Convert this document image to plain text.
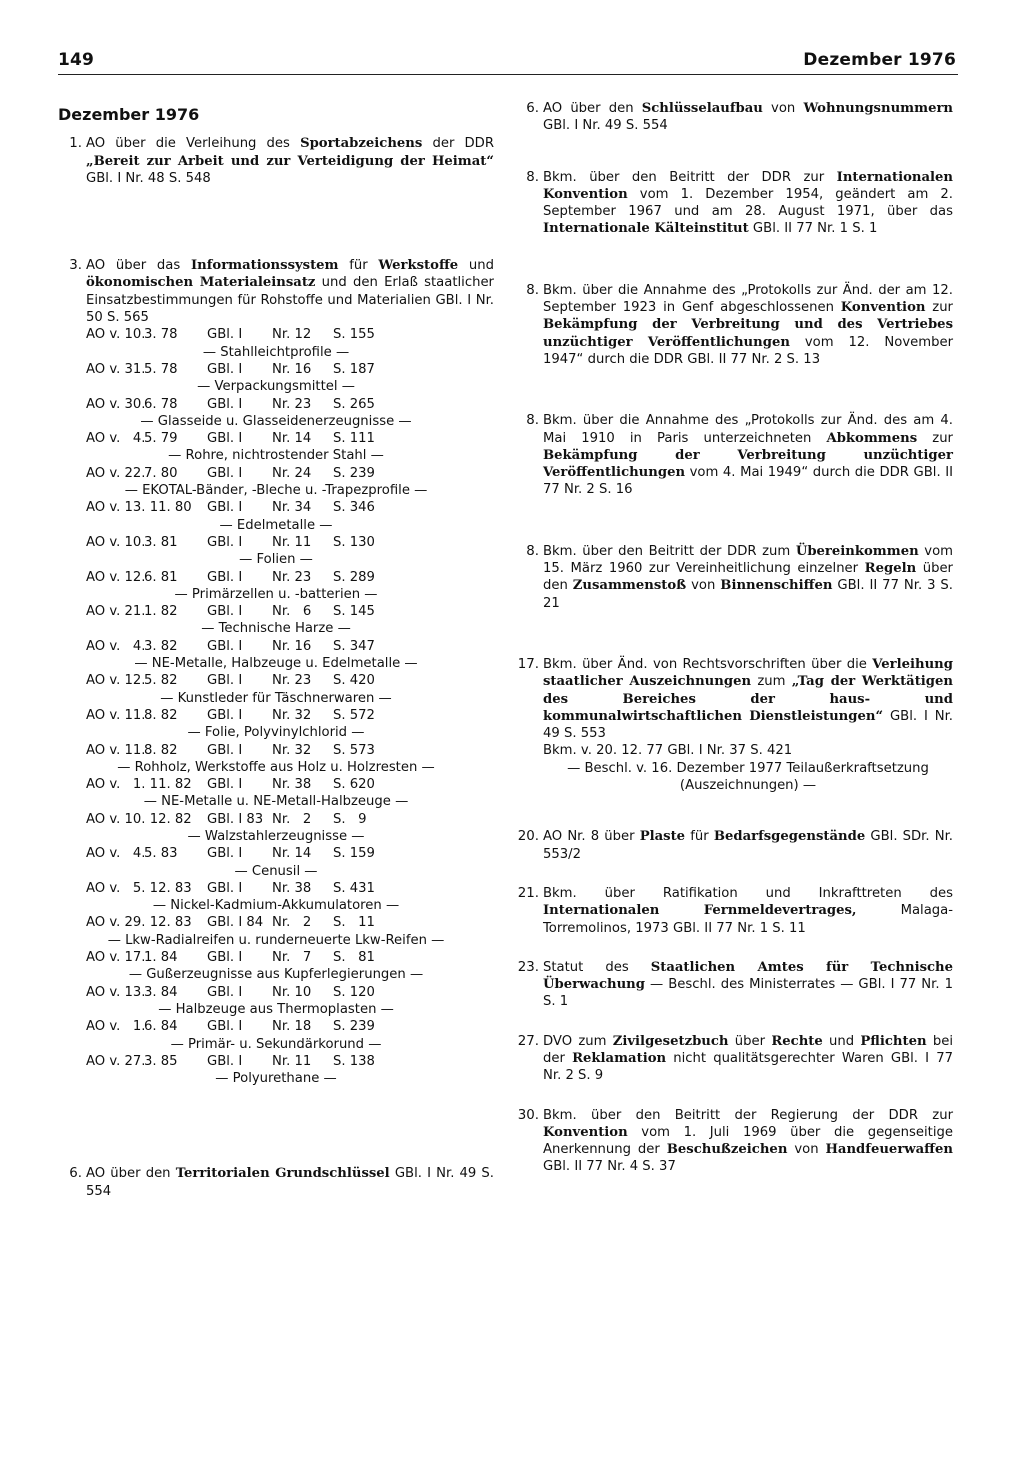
149	Dezember 1976
Dezember 1976
1. AO über die Verleihung des Sportabzeichens der DDR „Bereit zur Arbeit und zur Verteidigung der Heimat“ GBl. I Nr. 48 S. 548
3. AO über das Informationssystem für Werkstoffe und ökonomischen Materialeinsatz und den Erlaß staatlicher Einsatzbestimmungen für Rohstoffe und Materialien GBl. I Nr. 50 S. 565
AO v. 10.
3. 78 GBl. I Nr. 12 S. 155
— Stahlleichtprofile —
AO v. 31.
5. 78 GBl. I Nr. 16 S. 187
— Verpackungsmittel —
AO v. 30.
6. 78 GBl. I Nr. 23 S. 265
— Glasseide u. Glasseidenerzeugnisse —
AO v.   4.
5. 79 GBl. I Nr. 14 S. 111
— Rohre, nichtrostender Stahl —
AO v. 22.
7. 80 GBl. I Nr. 24 S. 239
— EKOTAL-Bänder, -Bleche u. -Trapezprofile —
AO v. 13. 11. 80 GBl. I Nr. 34 S. 346
— Edelmetalle —
AO v. 10.
3. 81 GBl. I Nr. 11 S. 130
— Folien —
AO v. 12.
6. 81 GBl. I Nr. 23 S. 289
— Primärzellen u. -batterien —
AO v. 21.
1. 82 GBl. I Nr.   6 S. 145
— Technische Harze —
AO v.   4.
3. 82 GBl. I Nr. 16 S. 347
— NE-Metalle, Halbzeuge u. Edelmetalle —
AO v. 12.
5. 82 GBl. I Nr. 23 S. 420
— Kunstleder für Täschnerwaren —
AO v. 11.
8. 82 GBl. I Nr. 32 S. 572
— Folie, Polyvinylchlorid —
AO v. 11.
8. 82 GBl. I Nr. 32 S. 573
— Rohholz, Werkstoffe aus Holz u. Holzresten —
AO v.   1. 11. 82 GBl. I Nr. 38 S. 620
— NE-Metalle u. NE-Metall-Halbzeuge —
AO v. 10. 12. 82 GBl. I 83 Nr.   2 S.   9
— Walzstahlerzeugnisse —
AO v.   4.
5. 83 GBl. I Nr. 14 S. 159
— Cenusil —
AO v.   5. 12. 83 GBl. I Nr. 38 S. 431
— Nickel-Kadmium-Akkumulatoren —
AO v. 29. 12. 83 GBl. I 84 Nr.   2 S.   11
— Lkw-Radialreifen u. runderneuerte Lkw-Reifen —
AO v. 17.
1. 84 GBl. I Nr.   7 S.   81
— Gußerzeugnisse aus Kupferlegierungen —
AO v. 13.
3. 84 GBl. I Nr. 10 S. 120
— Halbzeuge aus Thermoplasten —
AO v.   1.
6. 84 GBl. I Nr. 18 S. 239
— Primär- u. Sekundärkorund —
AO v. 27.
3. 85 GBl. I Nr. 11 S. 138
— Polyurethane —
6. AO über den Territorialen Grundschlüssel GBl. I Nr. 49 S. 554
6. AO über den Schlüsselaufbau von Wohnungsnummern GBl. I Nr. 49 S. 554
8. Bkm. über den Beitritt der DDR zur Internationalen Konvention vom 1. Dezember 1954, geändert am 2. September 1967 und am 28. August 1971, über das Internationale Kälteinstitut GBl. II 77 Nr. 1 S. 1
8. Bkm. über die Annahme des „Protokolls zur Änd. der am 12. September 1923 in Genf abgeschlossenen Konvention zur Bekämpfung der Verbreitung und des Vertriebes unzüchtiger Veröffentlichungen vom 12. November 1947“ durch die DDR GBl. II 77 Nr. 2 S. 13
8. Bkm. über die Annahme des „Protokolls zur Änd. des am 4. Mai 1910 in Paris unterzeichneten Abkommens zur Bekämpfung der Verbreitung unzüchtiger Veröffentlichungen vom 4. Mai 1949“ durch die DDR GBl. II 77 Nr. 2 S. 16
8. Bkm. über den Beitritt der DDR zum Übereinkommen vom 15. März 1960 zur Vereinheitlichung einzelner Regeln über den Zusammenstoß von Binnenschiffen GBl. II 77 Nr. 3 S. 21
17. Bkm. über Änd. von Rechtsvorschriften über die Verleihung staatlicher Auszeichnungen zum „Tag der Werktätigen des Bereiches der haus- und kommunalwirtschaftlichen Dienstleistungen“ GBl. I Nr. 49 S. 553
Bkm. v. 20. 12. 77 GBl. I Nr. 37 S. 421

— Beschl. v. 16. Dezember 1977 Teilaußerkraftsetzung (Auszeichnungen) —
20. AO Nr. 8 über Plaste für Bedarfsgegenstände GBl. SDr. Nr. 553/2
21. Bkm. über Ratifikation und Inkrafttreten des Internationalen Fernmeldevertrages, Malaga-Torremolinos, 1973 GBl. II 77 Nr. 1 S. 11
23. Statut des Staatlichen Amtes für Technische Überwachung — Beschl. des Ministerrates — GBl. I 77 Nr. 1 S. 1
27. DVO zum Zivilgesetzbuch über Rechte und Pflichten bei der Reklamation nicht qualitätsgerechter Waren GBl. I 77 Nr. 2 S. 9
30. Bkm. über den Beitritt der Regierung der DDR zur Konvention vom 1. Juli 1969 über die gegenseitige Anerkennung der Beschußzeichen von Handfeuerwaffen GBl. II 77 Nr. 4 S. 37
